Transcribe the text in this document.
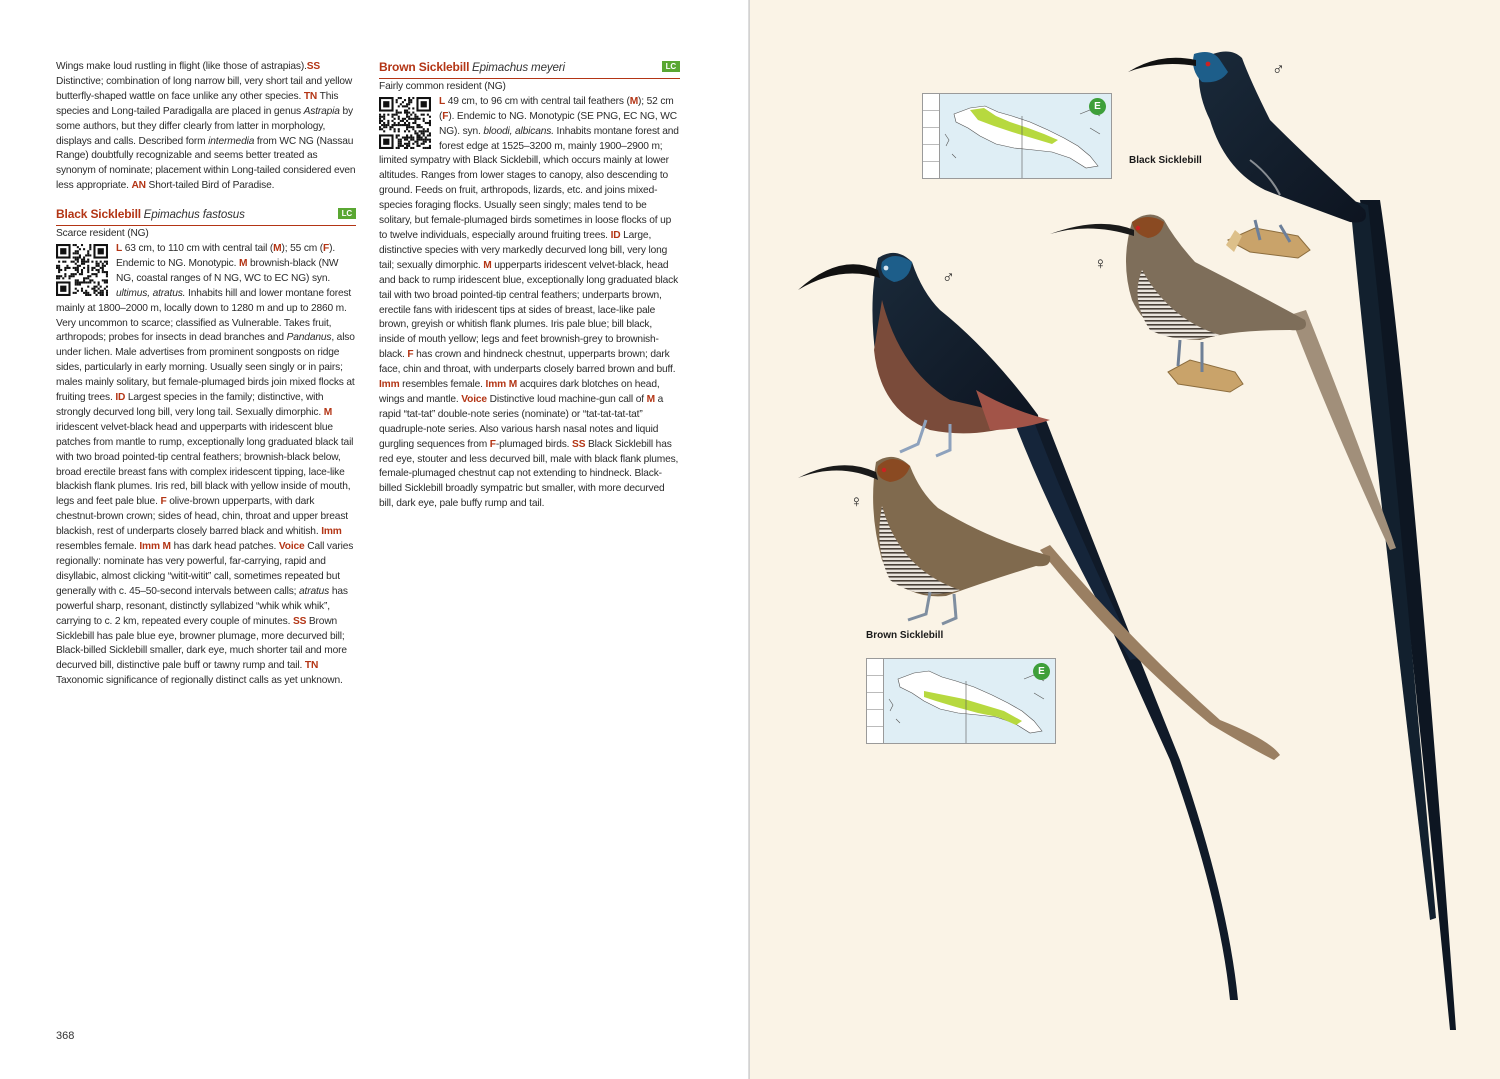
Wings make loud rustling in flight (like those of astrapias).SS Distinctive; combination of long narrow bill, very short tail and yellow butterfly-shaped wattle on face unlike any other species. TN This species and Long-tailed Paradigalla are placed in genus Astrapia by some authors, but they differ clearly from latter in morphology, displays and calls. Described form intermedia from WC NG (Nassau Range) doubtfully recognizable and seems better treated as synonym of nominate; placement within Long-tailed considered even less appropriate. AN Short-tailed Bird of Paradise.

Black Sicklebill Epimachus fastosus	LC

Scarce resident (NG)

L 63 cm, to 110 cm with central tail (M); 55 cm (F). Endemic to NG. Monotypic. M brownish-black (NW NG, coastal ranges of N NG, WC to EC NG) syn. ultimus, atratus. Inhabits hill and lower montane forest mainly at 1800–2000 m, locally down to 1280 m and up to 2860 m. Very uncommon to scarce; classified as Vulnerable. Takes fruit, arthropods; probes for insects in dead branches and Pandanus, also under lichen. Male advertises from prominent songposts on ridge sides, particularly in early morning. Usually seen singly or in pairs; males mainly solitary, but female-plumaged birds join mixed flocks at fruiting trees. ID Largest species in the family; distinctive, with strongly decurved long bill, very long tail. Sexually dimorphic. M iridescent velvet-black head and upperparts with iridescent blue patches from mantle to rump, exceptionally long graduated black tail with two broad pointed-tip central feathers; brownish-black below, broad erectile breast fans with complex iridescent tipping, lace-like blackish flank plumes. Iris red, bill black with yellow inside of mouth, legs and feet pale blue. F olive-brown upperparts, with dark chestnut-brown crown; sides of head, chin, throat and upper breast blackish, rest of underparts closely barred black and whitish. Imm resembles female. Imm M has dark head patches. Voice Call varies regionally: nominate has very powerful, far-carrying, rapid and disyllabic, almost clicking “witit-witit” call, sometimes repeated but generally with c. 45–50-second intervals between calls; atratus has powerful sharp, resonant, distinctly syllabized “whik whik whik”, carrying to c. 2 km, repeated every couple of minutes. SS Brown Sicklebill has pale blue eye, browner plumage, more decurved bill; Black-billed Sicklebill smaller, dark eye, much shorter tail and more decurved bill, distinctive pale buff or tawny rump and tail. TN Taxonomic significance of regionally distinct calls as yet unknown.

Brown Sicklebill Epimachus meyeri	LC

Fairly common resident (NG)

L 49 cm, to 96 cm with central tail feathers (M); 52 cm (F). Endemic to NG. Monotypic (SE PNG, EC NG, WC NG). syn. bloodi, albicans. Inhabits montane forest and forest edge at 1525–3200 m, mainly 1900–2900 m; limited sympatry with Black Sicklebill, which occurs mainly at lower altitudes. Ranges from lower stages to canopy, also descending to ground. Feeds on fruit, arthropods, lizards, etc. and joins mixed-species foraging flocks. Usually seen singly; males tend to be solitary, but female-plumaged birds sometimes in loose flocks of up to twelve individuals, especially around fruiting trees. ID Large, distinctive species with very markedly decurved long bill, very long tail; sexually dimorphic. M upperparts iridescent velvet-black, head and back to rump iridescent blue, exceptionally long graduated black tail with two broad pointed-tip central feathers; underparts brown, erectile fans with iridescent tips at sides of breast, lace-like pale brown, greyish or whitish flank plumes. Iris pale blue; bill black, inside of mouth yellow; legs and feet brownish-grey to brownish-black. F has crown and hindneck chestnut, upperparts brown; dark face, chin and throat, with underparts closely barred brown and buff. Imm resembles female. Imm M acquires dark blotches on head, wings and mantle. Voice Distinctive loud machine-gun call of M a rapid “tat-tat” double-note series (nominate) or “tat-tat-tat-tat” quadruple-note series. Also various harsh nasal notes and liquid gurgling sequences from F-plumaged birds. SS Black Sicklebill has red eye, stouter and less decurved bill, male with black flank plumes, female-plumaged chestnut cap not extending to hindneck. Black-billed Sicklebill broadly sympatric but smaller, with more decurved bill, dark eye, pale buffy rump and tail.

368
E
E
Black Sicklebill
Brown Sicklebill
♂
♂
♀
♀
